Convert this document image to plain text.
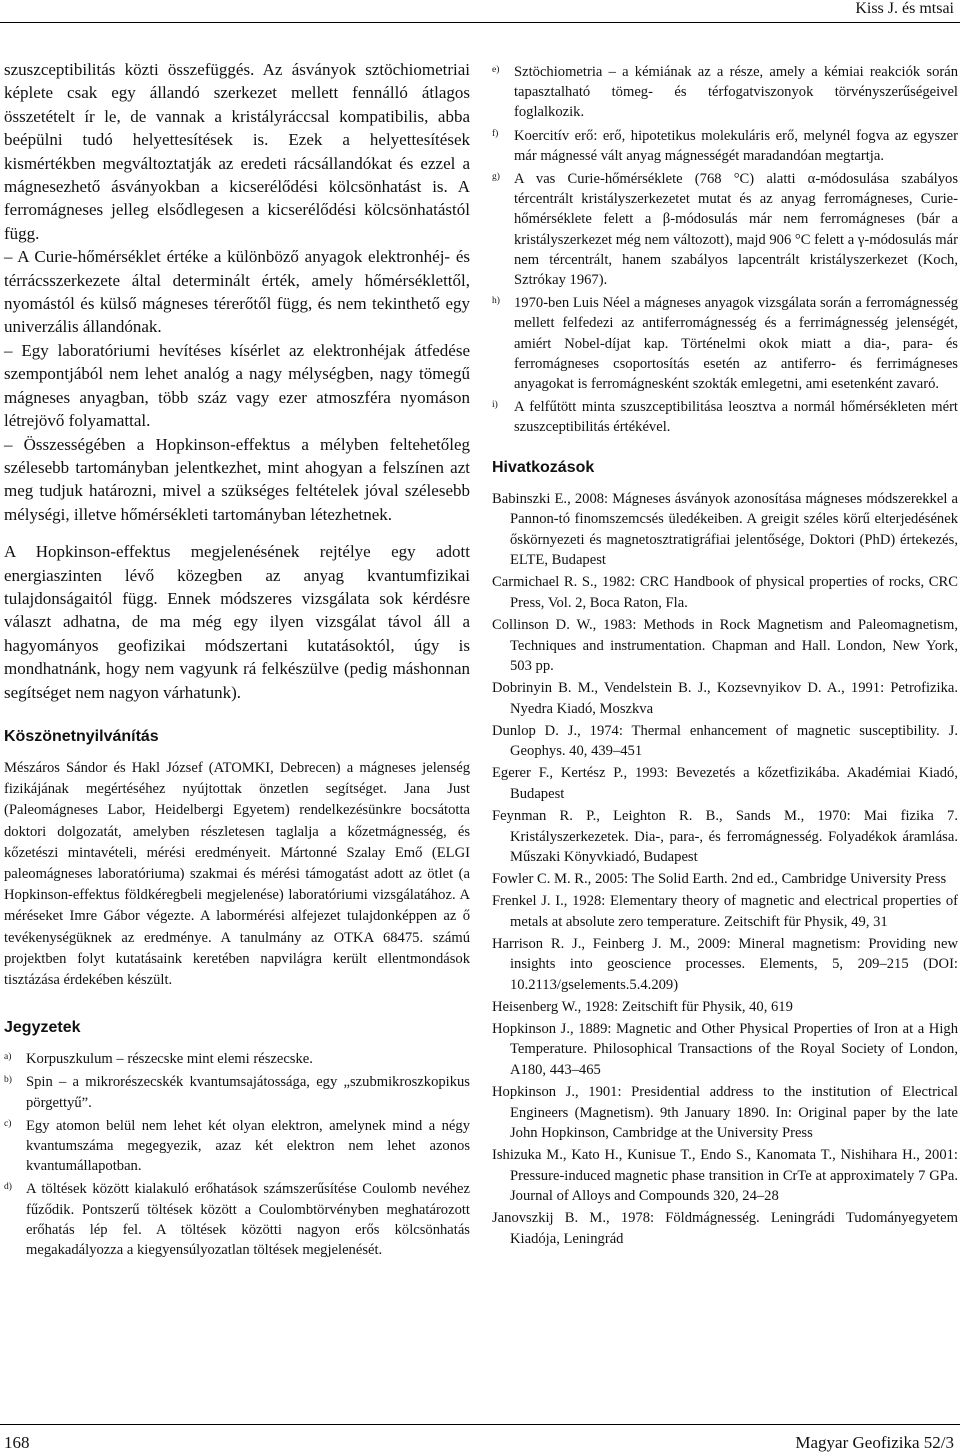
Kiss J. és mtsai

szuszceptibilitás közti összefüggés. Az ásványok sztöchiometriai képlete csak egy állandó szerkezet mellett fennálló átlagos összetételt ír le, de vannak a kristályráccsal kompatibilis, abba beépülni tudó helyettesítések is. Ezek a helyettesítések kismértékben megváltoztatják az eredeti rácsállandókat és ezzel a mágnesezhető ásványokban a kicserélődési kölcsönhatást is. A ferromágneses jelleg elsődlegesen a kicserélődési kölcsönhatástól függ.

– A Curie-hőmérséklet értéke a különböző anyagok elektronhéj- és térrácsszerkezete által determinált érték, amely hőmérséklettől, nyomástól és külső mágneses térerőtől függ, és nem tekinthető egy univerzális állandónak.

– Egy laboratóriumi hevítéses kísérlet az elektronhéjak átfedése szempontjából nem lehet analóg a nagy mélységben, nagy tömegű mágneses anyagban, több száz vagy ezer atmoszféra nyomáson létrejövő folyamattal.

– Összességében a Hopkinson-effektus a mélyben feltehetőleg szélesebb tartományban jelentkezhet, mint ahogyan a felszínen azt meg tudjuk határozni, mivel a szükséges feltételek jóval szélesebb mélységi, illetve hőmérsékleti tartományban létezhetnek.

A Hopkinson-effektus megjelenésének rejtélye egy adott energiaszinten lévő közegben az anyag kvantumfizikai tulajdonságaitól függ. Ennek módszeres vizsgálata sok kérdésre választ adhatna, de ma még egy ilyen vizsgálat távol áll a hagyományos geofizikai módszertani kutatásoktól, úgy is mondhatnánk, hogy nem vagyunk rá felkészülve (pedig máshonnan segítséget nem nagyon várhatunk).

Köszönetnyilvánítás

Mészáros Sándor és Hakl József (ATOMKI, Debrecen) a mágneses jelenség fizikájának megértéséhez nyújtottak önzetlen segítséget. Jana Just (Paleomágneses Labor, Heidelbergi Egyetem) rendelkezésünkre bocsátotta doktori dolgozatát, amelyben részletesen taglalja a kőzetmágnesség, és kőzetészi mintavételi, mérési eredményeit. Mártonné Szalay Emő (ELGI paleomágneses laboratóriuma) szakmai és mérési támogatást adott az ötlet (a Hopkinson-effektus földkéregbeli megjelenése) laboratóriumi vizsgálatához. A méréseket Imre Gábor végezte. A labormérési alfejezet tulajdonképpen az ő tevékenységüknek az eredménye. A tanulmány az OTKA 68475. számú projektben folyt kutatásaink keretében napvilágra került ellentmondások tisztázása érdekében készült.

Jegyzetek
a) Korpuszkulum – részecske mint elemi részecske.
b) Spin – a mikrorészecskék kvantumsajátossága, egy „szubmikroszkopikus pörgettyű”.
c) Egy atomon belül nem lehet két olyan elektron, amelynek mind a négy kvantumszáma megegyezik, azaz két elektron nem lehet azonos kvantumállapotban.
d) A töltések között kialakuló erőhatások számszerűsítése Coulomb nevéhez fűződik. Pontszerű töltések között a Coulombtörvényben meghatározott erőhatás lép fel. A töltések közötti nagyon erős kölcsönhatás megakadályozza a kiegyensúlyozatlan töltések megjelenését.
e) Sztöchiometria – a kémiának az a része, amely a kémiai reakciók során tapasztalható tömeg- és térfogatviszonyok törvényszerűségeivel foglalkozik.
f) Koercitív erő: erő, hipotetikus molekuláris erő, melynél fogva az egyszer már mágnessé vált anyag mágnességét maradandóan megtartja.
g) A vas Curie-hőmérséklete (768 °C) alatti α-módosulása szabályos tércentrált kristályszerkezetet mutat és az anyag ferromágneses, Curie-hőmérséklete felett a β-módosulás már nem ferromágneses (bár a kristályszerkezet még nem változott), majd 906 °C felett a γ-módosulás már nem tércentrált, hanem szabályos lapcentrált kristályszerkezet (Koch, Sztrókay 1967).
h) 1970-ben Luis Néel a mágneses anyagok vizsgálata során a ferromágnesség mellett felfedezi az antiferromágnesség és a ferrimágnesség jelenségét, amiért Nobel-díjat kap. Történelmi okok miatt a dia-, para- és ferromágneses csoportosítás esetén az antiferro- és ferrimágneses anyagokat is ferromágnesként szokták emlegetni, ami esetenként zavaró.
i) A felfűtött minta szuszceptibilitása leosztva a normál hőmérsékleten mért szuszceptibilitás értékével.
Hivatkozások

Babinszki E., 2008: Mágneses ásványok azonosítása mágneses módszerekkel a Pannon-tó finomszemcsés üledékeiben. A greigit széles körű elterjedésének őskörnyezeti és magnetosztratigráfiai jelentősége, Doktori (PhD) értekezés, ELTE, Budapest

Carmichael R. S., 1982: CRC Handbook of physical properties of rocks, CRC Press, Vol. 2, Boca Raton, Fla.

Collinson D. W., 1983: Methods in Rock Magnetism and Paleomagnetism, Techniques and instrumentation. Chapman and Hall. London, New York, 503 pp.

Dobrinyin B. M., Vendelstein B. J., Kozsevnyikov D. A., 1991: Petrofizika. Nyedra Kiadó, Moszkva

Dunlop D. J., 1974: Thermal enhancement of magnetic susceptibility. J. Geophys. 40, 439–451

Egerer F., Kertész P., 1993: Bevezetés a kőzetfizikába. Akadémiai Kiadó, Budapest

Feynman R. P., Leighton R. B., Sands M., 1970: Mai fizika 7. Kristályszerkezetek. Dia-, para-, és ferromágnesség. Folyadékok áramlása. Műszaki Könyvkiadó, Budapest

Fowler C. M. R., 2005: The Solid Earth. 2nd ed., Cambridge University Press

Frenkel J. I., 1928: Elementary theory of magnetic and electrical properties of metals at absolute zero temperature. Zeitschift für Physik, 49, 31

Harrison R. J., Feinberg J. M., 2009: Mineral magnetism: Providing new insights into geoscience processes. Elements, 5, 209–215 (DOI: 10.2113/gselements.5.4.209)

Heisenberg W., 1928: Zeitschift für Physik, 40, 619

Hopkinson J., 1889: Magnetic and Other Physical Properties of Iron at a High Temperature. Philosophical Transactions of the Royal Society of London, A180, 443–465

Hopkinson J., 1901: Presidential address to the institution of Electrical Engineers (Magnetism). 9th January 1890. In: Original paper by the late John Hopkinson, Cambridge at the University Press

Ishizuka M., Kato H., Kunisue T., Endo S., Kanomata T., Nishihara H., 2001: Pressure-induced magnetic phase transition in CrTe at approximately 7 GPa. Journal of Alloys and Compounds 320, 24–28

Janovszkij B. M., 1978: Földmágnesség. Leningrádi Tudományegyetem Kiadója, Leningrád

168	Magyar Geofizika 52/3
